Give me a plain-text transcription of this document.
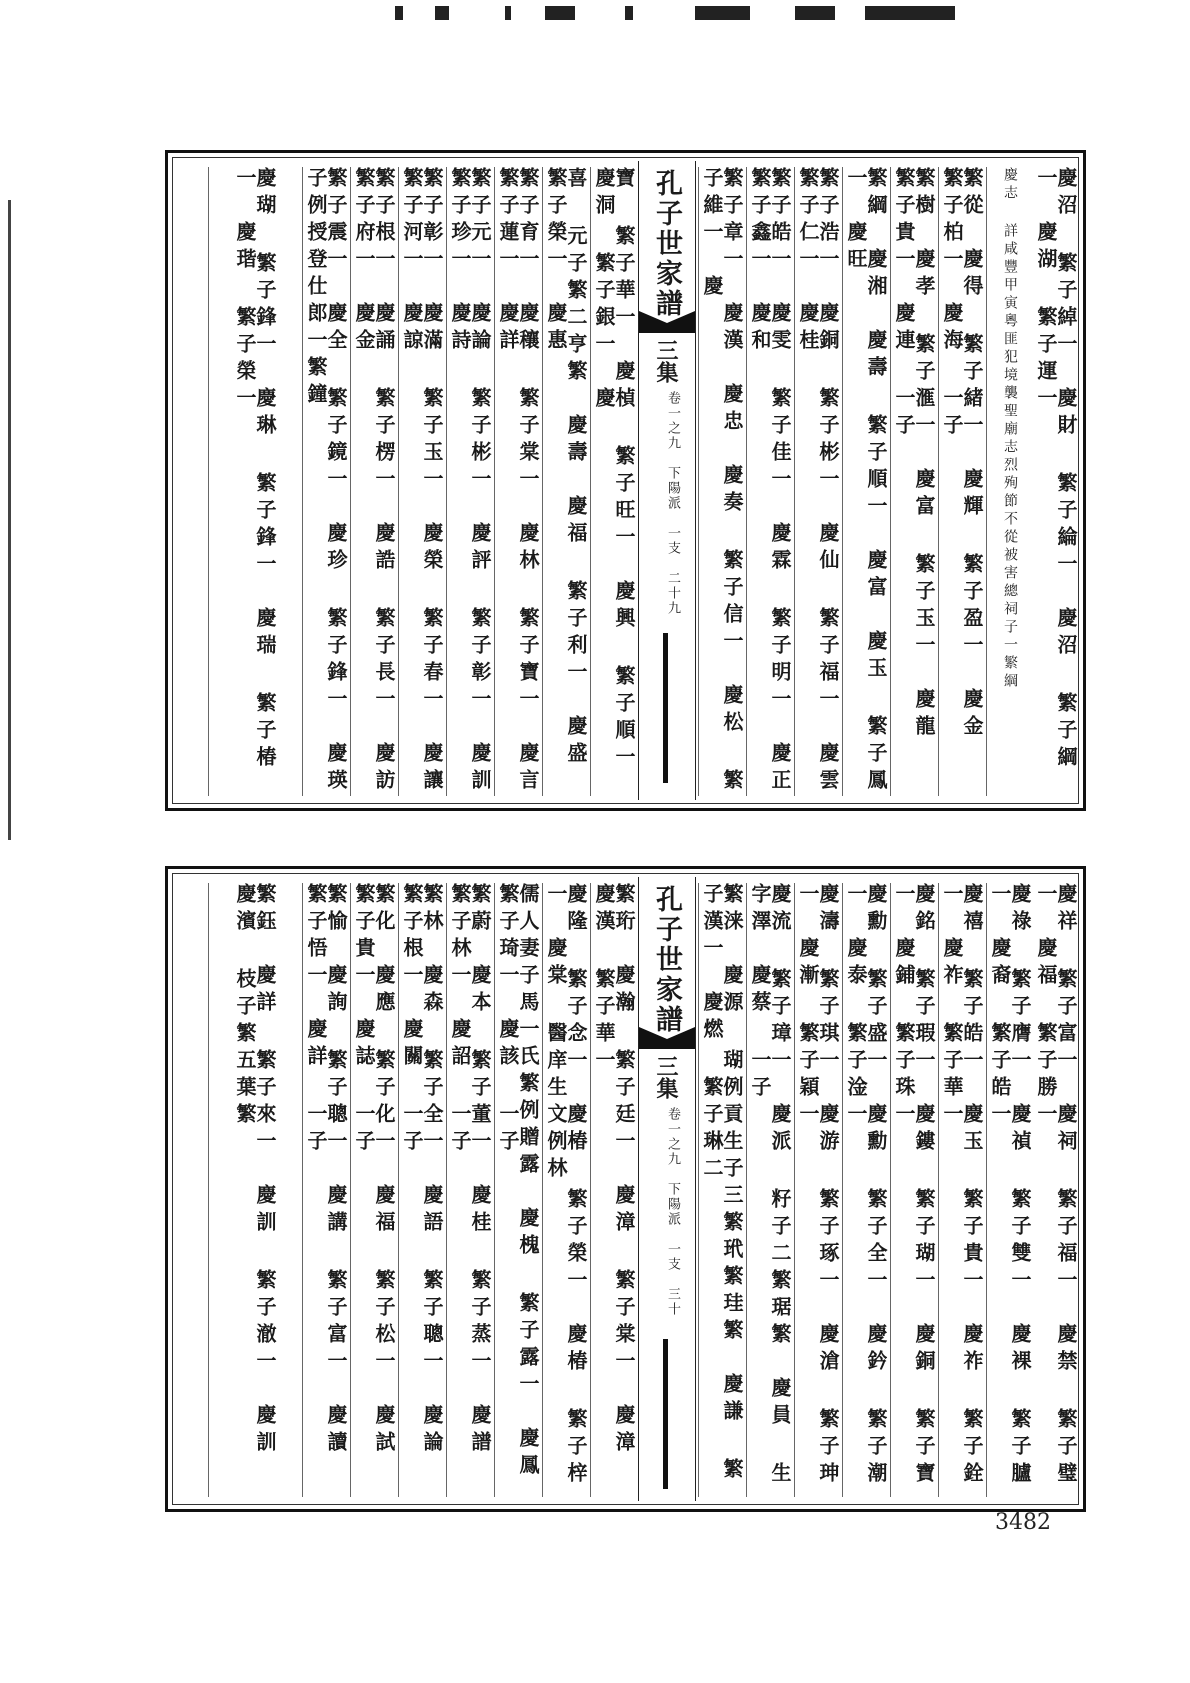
慶沼 繁子綽一　慶財 繁子綸一　慶沼 繁子綱一　慶湖 繁子運一
慶志 詳咸豐甲寅粵匪犯境襲聖廟志烈殉節不從被害總祠子一繁綱
繁從　慶得 繁子緒一　慶輝 繁子盈一　慶金 繁子柏一　慶海 一子
繁樹　慶孝 繁子滙一　慶富 繁子玉一　慶龍 繁子貴一　慶連 一子
繁綱　慶湘　慶壽 繁子順一　慶富　慶玉 繁子鳳一　慶旺
繁子浩一　慶銅 繁子彬一　慶仙 繁子福一　慶雲 繁子仁一　慶桂
繁子皓一　慶雯 繁子佳一　慶霖 繁子明一　慶正 繁子鑫一　慶和
繁子章一　慶漢　慶忠　慶奏 繁子信一　慶松 繁子維一　慶
孔子世家譜
三集
卷一之九　下陽派　一支　二十九
寶 繁子華一　慶楨 繁子旺一　慶興 繁子順一　慶洞 繁子銀一　慶
喜 元子繁二亨繁　慶壽　慶福 繁子利一　慶盛 繁子榮一　慶惠
繁子育一　慶穰 繁子棠一　慶林 繁子寶一　慶言 繁子蓮一　慶詳
繁子元一　慶論 繁子彬一　慶評 繁子彰一　慶訓 繁子珍一　慶詩
繁子彰一　慶滿 繁子玉一　慶榮 繁子春一　慶讓 繁子河一　慶諒
繁子根一　慶誦 繁子楞一　慶誥 繁子長一　慶訪 繁子府一　慶金
繁子震一　慶全 繁子鏡一　慶珍 繁子鋒一　慶瑛 子例授登仕郎一繁鐘
慶瑚 繁子鋒一　慶琳 繁子鋒一　慶瑞 繁子椿一　慶瑎 繁子榮一
慶祥 繁子富一　慶祠 繁子福一　慶禁 繁子璧一　慶福 繁子勝一
慶祿 繁子膺一　慶禎 繁子雙一　慶裸 繁子臚一　慶裔 繁子皓一
慶禧 繁子皓一　慶玉 繁子貴一　慶祚 繁子銓一　慶祚 繁子華一
慶銘 繁子瑕一　慶鏤 繁子瑚一　慶銅 繁子寶一　慶鋪 繁子珠一
慶勳 繁子盛一　慶勳 繁子全一　慶鈐 繁子潮一　慶泰 繁子淦一
慶濤 繁子琪一　慶游 繁子琢一　慶滄 繁子珅一　慶漸 繁子穎一
慶流 繁子璋一　慶派 籽子二繁琚繁　慶員 生字澤　慶蔡 一子
繁涞　慶源 瑚例貢生子三繁玳繁珪繁　慶謙 繁子漢一　慶燃 繁子琳二
孔子世家譜
三集
卷一之九　下陽派　一支　三十
繁珩　慶瀚 繁子廷一　慶漳 繁子棠一　慶漳　慶漢 繁子華一
慶隆 繁子念一　慶椿 繁子榮一　慶椿 繁子梓一　慶棠 醫庠生文例林
儒人妻子馬一氏繁例贈露　慶槐 繁子露一　慶鳳 繁子琦一　慶該 一子
繁蔚　慶本 繁子董一　慶桂 繁子蒸一　慶譜 繁子林一　慶詔 一子
繁林　慶森 繁子全一　慶語 繁子聰一　慶論 繁子根一　慶關 一子
繁化　慶應 繁子化一　慶福 繁子松一　慶試 繁子貴一　慶誌 一子
繁愉　慶詢 繁子聰一　慶講 繁子富一　慶讀 繁子悟一　慶詳 一子
繁鈺　慶詳 繁子來一　慶訓 繁子澈一　慶訓　慶濱 枝子繁五葉繁
3482
